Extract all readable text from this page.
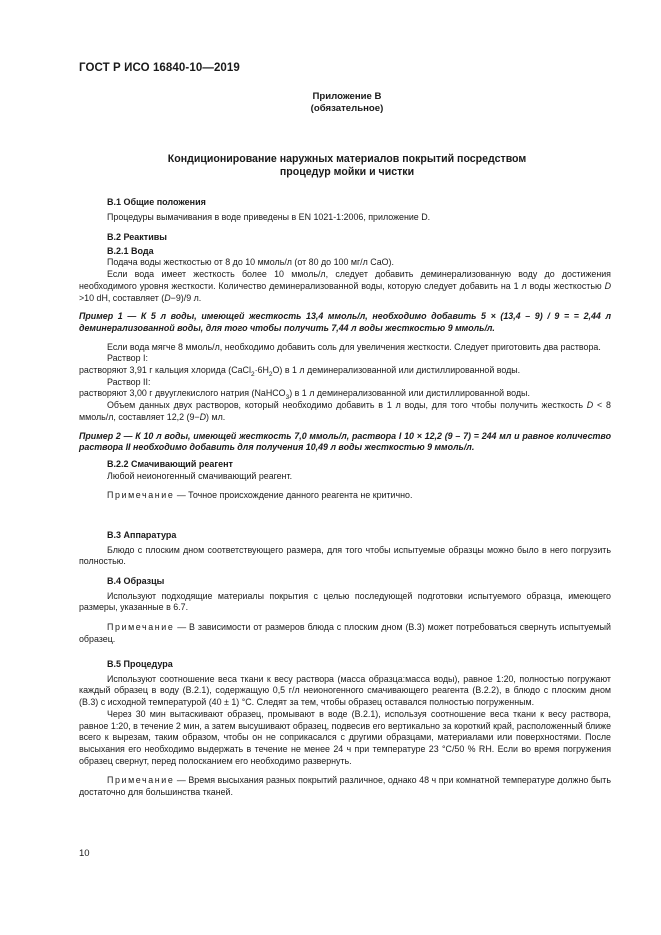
ГОСТ Р ИСО 16840-10—2019
Приложение В
(обязательное)
Кондиционирование наружных материалов покрытий посредством
процедур мойки и чистки

В.1 Общие положения

Процедуры вымачивания в воде приведены в EN 1021-1:2006, приложение D.

В.2 Реактивы

В.2.1 Вода

Подача воды жесткостью от 8 до 10 ммоль/л (от 80 до 100 мг/л CaO).

Если вода имеет жесткость более 10 ммоль/л, следует добавить деминерализованную воду до достижения необходимого уровня жесткости. Количество деминерализованной воды, которую следует добавить на 1 л воды жесткостью D >10 dH, составляет (D−9)/9 л.

Пример 1 — К 5 л воды, имеющей жесткость 13,4 ммоль/л, необходимо добавить 5 × (13,4 – 9) / 9 = = 2,44 л деминерализованной воды, для того чтобы получить 7,44 л воды жесткостью 9 ммоль/л.

Если вода мягче 8 ммоль/л, необходимо добавить соль для увеличения жесткости. Следует приготовить два раствора.

Раствор I:

растворяют 3,91 г кальция хлорида $(CaCl_2\cdot 6H_2O)$ в 1 л деминерализованной или дистиллированной воды.

Раствор II:

растворяют 3,00 г двууглекислого натрия (NaHCO$_3$) в 1 л деминерализованной или дистиллированной воды.

Объем данных двух растворов, который необходимо добавить в 1 л воды, для того чтобы получить жесткость D < 8 ммоль/л, составляет 12,2 (9−D) мл.

Пример 2 — К 10 л воды, имеющей жесткость 7,0 ммоль/л, раствора I 10 × 12,2 (9 – 7) = 244 мл и равное количество раствора II необходимо добавить для получения 10,49 л воды жесткостью 9 ммоль/л.

В.2.2 Смачивающий реагент

Любой неионогенный смачивающий реагент.

Примечание — Точное происхождение данного реагента не критично.

В.3 Аппаратура

Блюдо с плоским дном соответствующего размера, для того чтобы испытуемые образцы можно было в него погрузить полностью.

В.4 Образцы

Используют подходящие материалы покрытия с целью последующей подготовки испытуемого образца, имеющего размеры, указанные в 6.7.

Примечание — В зависимости от размеров блюда с плоским дном (В.3) может потребоваться свернуть испытуемый образец.

В.5 Процедура

Используют соотношение веса ткани к весу раствора (масса образца:масса воды), равное 1:20, полностью погружают каждый образец в воду (В.2.1), содержащую 0,5 г/л неионогенного смачивающего реагента (В.2.2), в блюдо с плоским дном (В.3) с исходной температурой (40 ± 1) °С. Следят за тем, чтобы образец оставался полностью погруженным.

Через 30 мин вытаскивают образец, промывают в воде (В.2.1), используя соотношение веса ткани к весу раствора, равное 1:20, в течение 2 мин, а затем высушивают образец, подвесив его вертикально за короткий край, расположенный ближе всего к вырезам, таким образом, чтобы он не соприкасался с другими образцами, материалами или поверхностями. После высыхания его необходимо выдержать в течение не менее 24 ч при температуре 23 °С/50 % RH. Если во время погружения образец свернут, перед полосканием его необходимо развернуть.

Примечание — Время высыхания разных покрытий различное, однако 48 ч при комнатной температуре должно быть достаточно для большинства тканей.

10
